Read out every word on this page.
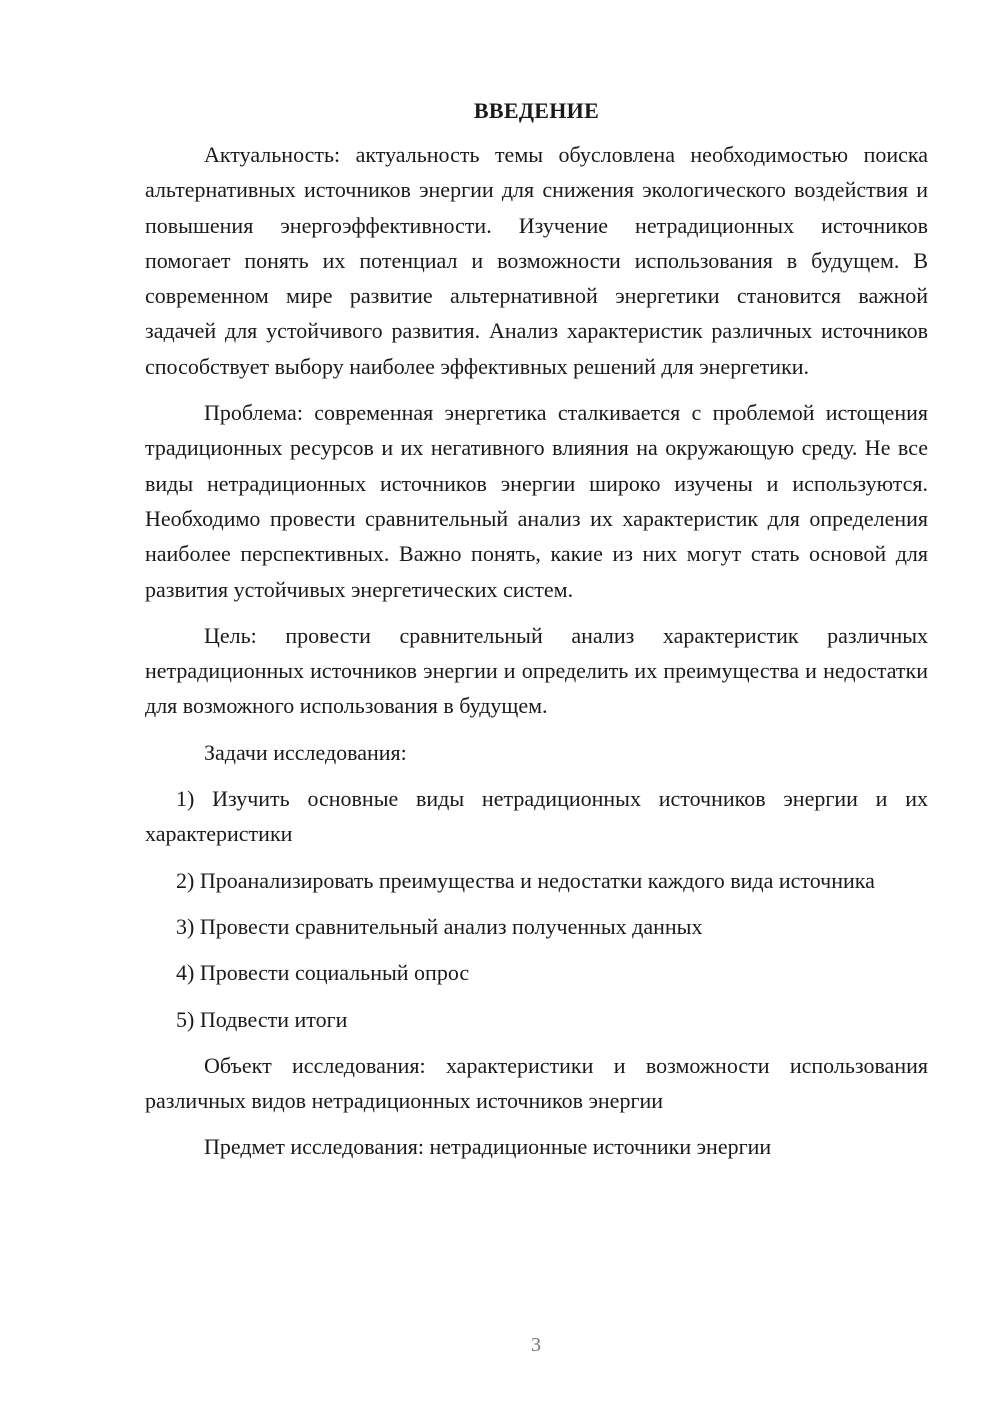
ВВЕДЕНИЕ

Актуальность: актуальность темы обусловлена необходимостью поиска альтернативных источников энергии для снижения экологического воздействия и повышения энергоэффективности. Изучение нетрадиционных источников помогает понять их потенциал и возможности использования в будущем. В современном мире развитие альтернативной энергетики становится важной задачей для устойчивого развития. Анализ характеристик различных источников способствует выбору наиболее эффективных решений для энергетики.

Проблема: современная энергетика сталкивается с проблемой истощения традиционных ресурсов и их негативного влияния на окружающую среду. Не все виды нетрадиционных источников энергии широко изучены и используются. Необходимо провести сравнительный анализ их характеристик для определения наиболее перспективных. Важно понять, какие из них могут стать основой для развития устойчивых энергетических систем.

Цель: провести сравнительный анализ характеристик различных нетрадиционных источников энергии и определить их преимущества и недостатки для возможного использования в будущем.

Задачи исследования:

1) Изучить основные виды нетрадиционных источников энергии и их характеристики

2) Проанализировать преимущества и недостатки каждого вида источника

3) Провести сравнительный анализ полученных данных

4) Провести социальный опрос

5) Подвести итоги

Объект исследования: характеристики и возможности использования различных видов нетрадиционных источников энергии

Предмет исследования: нетрадиционные источники энергии

3
